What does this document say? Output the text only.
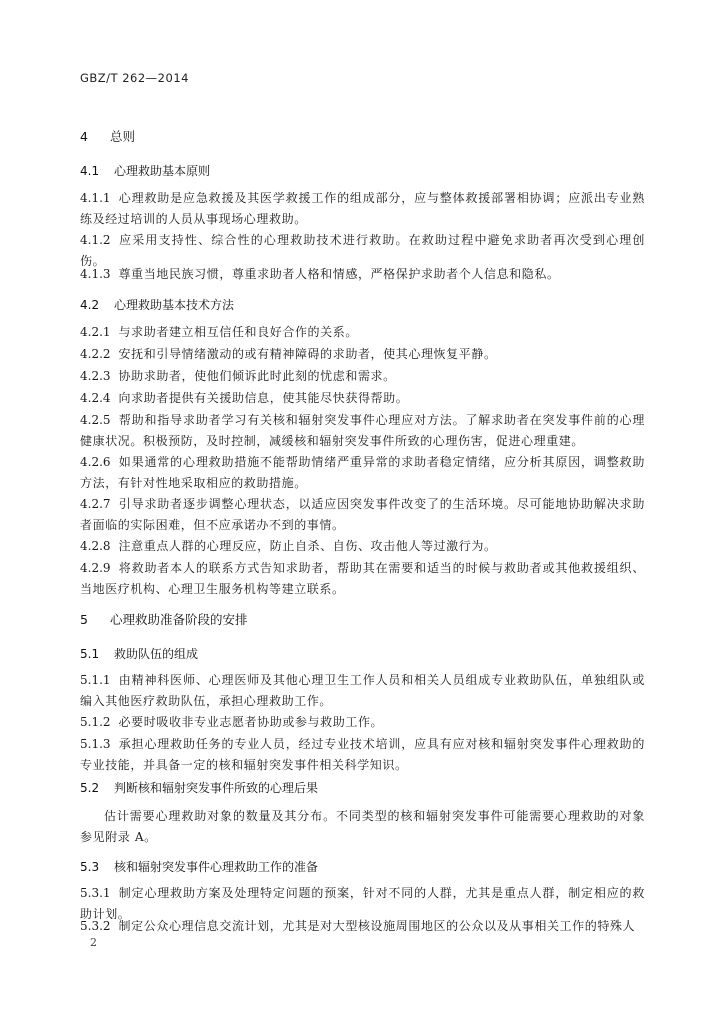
GBZ/T 262—2014
4 总则
4.1 心理救助基本原则
4.1.1 心理救助是应急救援及其医学救援工作的组成部分，应与整体救援部署相协调；应派出专业熟练及经过培训的人员从事现场心理救助。
4.1.2 应采用支持性、综合性的心理救助技术进行救助。在救助过程中避免求助者再次受到心理创伤。
4.1.3 尊重当地民族习惯，尊重求助者人格和情感，严格保护求助者个人信息和隐私。
4.2 心理救助基本技术方法
4.2.1 与求助者建立相互信任和良好合作的关系。
4.2.2 安抚和引导情绪激动的或有精神障碍的求助者，使其心理恢复平静。
4.2.3 协助求助者，使他们倾诉此时此刻的忧虑和需求。
4.2.4 向求助者提供有关援助信息，使其能尽快获得帮助。
4.2.5 帮助和指导求助者学习有关核和辐射突发事件心理应对方法。了解求助者在突发事件前的心理健康状况。积极预防，及时控制，减缓核和辐射突发事件所致的心理伤害，促进心理重建。
4.2.6 如果通常的心理救助措施不能帮助情绪严重异常的求助者稳定情绪，应分析其原因，调整救助方法，有针对性地采取相应的救助措施。
4.2.7 引导求助者逐步调整心理状态，以适应因突发事件改变了的生活环境。尽可能地协助解决求助者面临的实际困难，但不应承诺办不到的事情。
4.2.8 注意重点人群的心理反应，防止自杀、自伤、攻击他人等过激行为。
4.2.9 将救助者本人的联系方式告知求助者，帮助其在需要和适当的时候与救助者或其他救援组织、当地医疗机构、心理卫生服务机构等建立联系。
5 心理救助准备阶段的安排
5.1 救助队伍的组成
5.1.1 由精神科医师、心理医师及其他心理卫生工作人员和相关人员组成专业救助队伍，单独组队或编入其他医疗救助队伍，承担心理救助工作。
5.1.2 必要时吸收非专业志愿者协助或参与救助工作。
5.1.3 承担心理救助任务的专业人员，经过专业技术培训，应具有应对核和辐射突发事件心理救助的专业技能，并具备一定的核和辐射突发事件相关科学知识。
5.2 判断核和辐射突发事件所致的心理后果
估计需要心理救助对象的数量及其分布。不同类型的核和辐射突发事件可能需要心理救助的对象参见附录 A。
5.3 核和辐射突发事件心理救助工作的准备
5.3.1 制定心理救助方案及处理特定问题的预案，针对不同的人群，尤其是重点人群，制定相应的救助计划。
5.3.2 制定公众心理信息交流计划，尤其是对大型核设施周围地区的公众以及从事相关工作的特殊人
2
